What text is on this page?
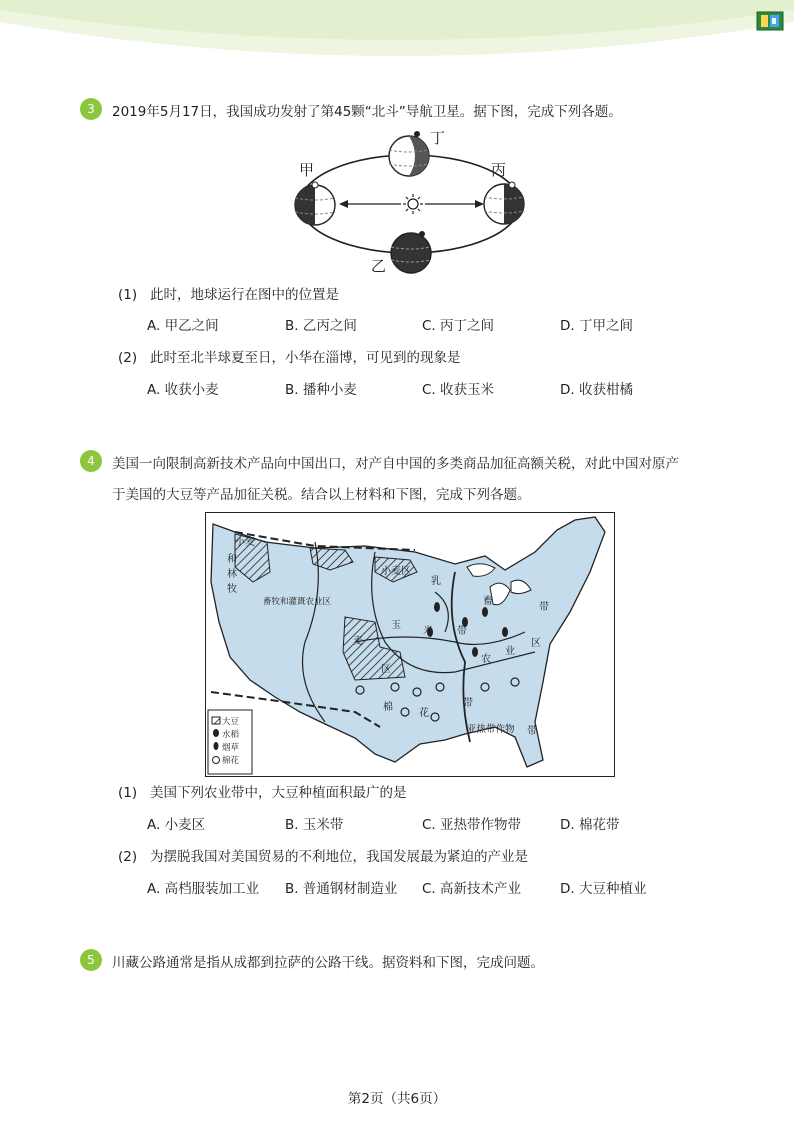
3	2019年5月17日，我国成功发射了第45颗“北斗”导航卫星。据下图，完成下列各题。
甲	丙
丁
乙
(1) 此时，地球运行在图中的位置是
A. 甲乙之间	B. 乙丙之间	C. 丙丁之间	D. 丁甲之间
(2) 此时至北半球夏至日，小华在淄博，可见到的现象是
A. 收获小麦	B. 播种小麦	C. 收获玉米	D. 收获柑橘
4	美国一向限制高新技术产品向中国出口，对产自中国的多类商品加征高额关税，对此中国对原产
于美国的大豆等产品加征关税。结合以上材料和下图，完成下列各题。
大豆
水稻
烟草
棉花
小麦
和
林
牧
畜牧和灌溉农业区
小麦区
乳
畜
带
玉
米 带
农
业
区
麦
区
棉
花
带
亚热带作物 带
(1) 美国下列农业带中，大豆种植面积最广的是
A. 小麦区	B. 玉米带	C. 亚热带作物带	D. 棉花带
(2) 为摆脱我国对美国贸易的不利地位，我国发展最为紧迫的产业是
A. 高档服装加工业 B. 普通钢材制造业 C. 高新技术产业	D. 大豆种植业
5	川藏公路通常是指从成都到拉萨的公路干线。据资料和下图，完成问题。
第2页（共6页）
